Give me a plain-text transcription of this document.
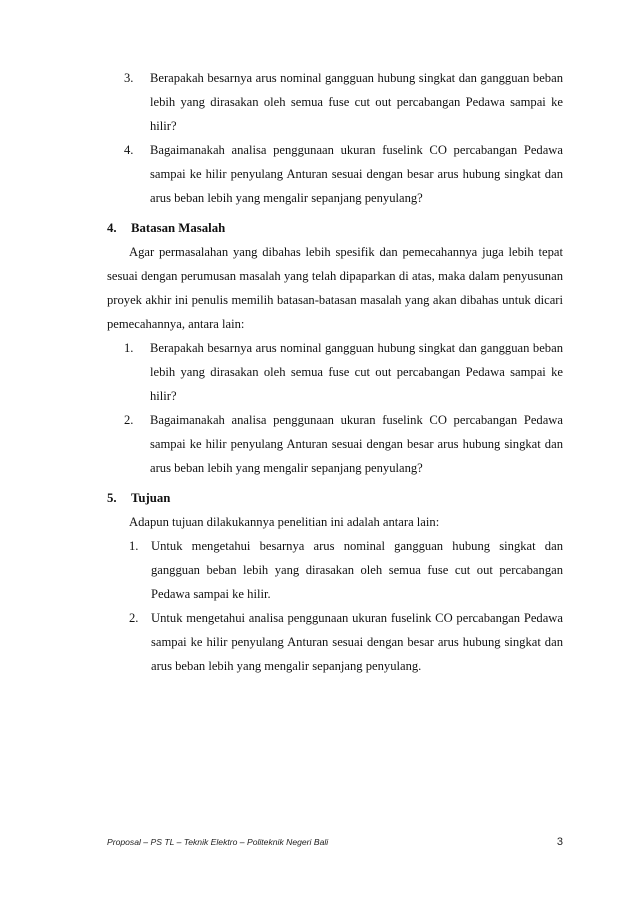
3.	Berapakah besarnya arus nominal gangguan hubung singkat dan gangguan beban lebih yang dirasakan oleh semua fuse cut out percabangan Pedawa sampai ke hilir?
4.	Bagaimanakah analisa penggunaan ukuran fuselink CO percabangan Pedawa sampai ke hilir penyulang Anturan sesuai dengan besar arus hubung singkat dan arus beban lebih yang mengalir sepanjang penyulang?
4.	Batasan Masalah

Agar permasalahan yang dibahas lebih spesifik dan pemecahannya juga lebih tepat sesuai dengan perumusan masalah yang telah dipaparkan di atas, maka dalam penyusunan proyek akhir ini penulis memilih batasan-batasan masalah yang akan dibahas untuk dicari pemecahannya, antara lain:

1.	Berapakah besarnya arus nominal gangguan hubung singkat dan gangguan beban lebih yang dirasakan oleh semua fuse cut out percabangan Pedawa sampai ke hilir?
2.	Bagaimanakah analisa penggunaan ukuran fuselink CO percabangan Pedawa sampai ke hilir penyulang Anturan sesuai dengan besar arus hubung singkat dan arus beban lebih yang mengalir sepanjang penyulang?
5.	Tujuan

Adapun tujuan dilakukannya penelitian ini adalah antara lain:

1. Untuk mengetahui besarnya arus nominal gangguan hubung singkat dan gangguan beban lebih yang dirasakan oleh semua fuse cut out percabangan Pedawa sampai ke hilir.
2. Untuk mengetahui analisa penggunaan ukuran fuselink CO percabangan Pedawa sampai ke hilir penyulang Anturan sesuai dengan besar arus hubung singkat dan arus beban lebih yang mengalir sepanjang penyulang.
Proposal – PS TL – Teknik Elektro – Politeknik Negeri Bali	3
